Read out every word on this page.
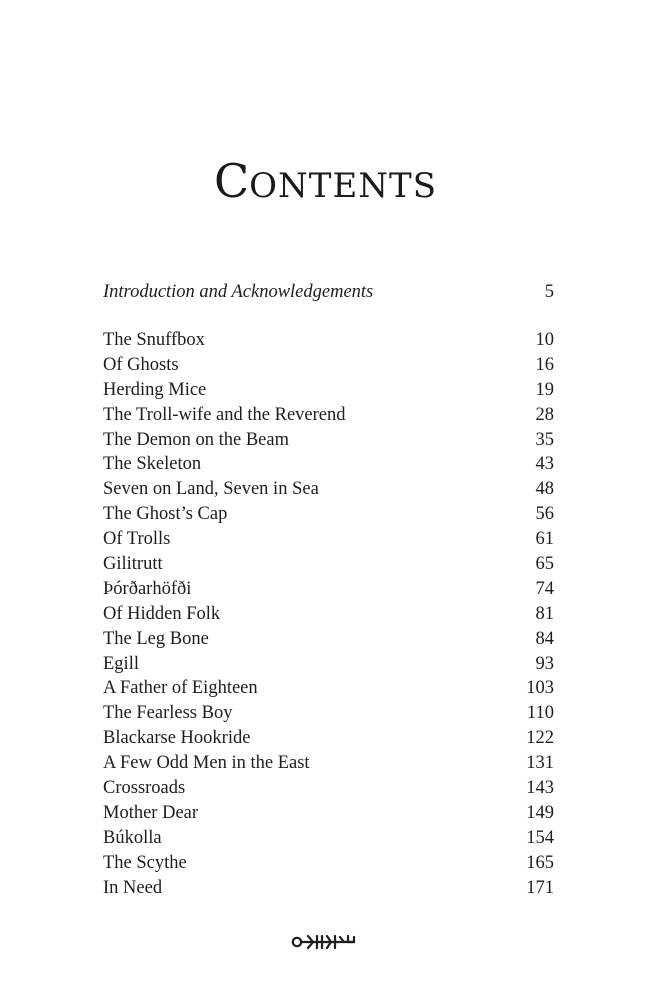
CONTENTS
Introduction and Acknowledgements	5
The Snuffbox	10
Of Ghosts	16
Herding Mice	19
The Troll-wife and the Reverend	28
The Demon on the Beam	35
The Skeleton	43
Seven on Land, Seven in Sea	48
The Ghost’s Cap	56
Of Trolls	61
Gilitrutt	65
Þórðarhöfði	74
Of Hidden Folk	81
The Leg Bone	84
Egill	93
A Father of Eighteen	103
The Fearless Boy	110
Blackarse Hookride	122
A Few Odd Men in the East	131
Crossroads	143
Mother Dear	149
Búkolla	154
The Scythe	165
In Need	171
